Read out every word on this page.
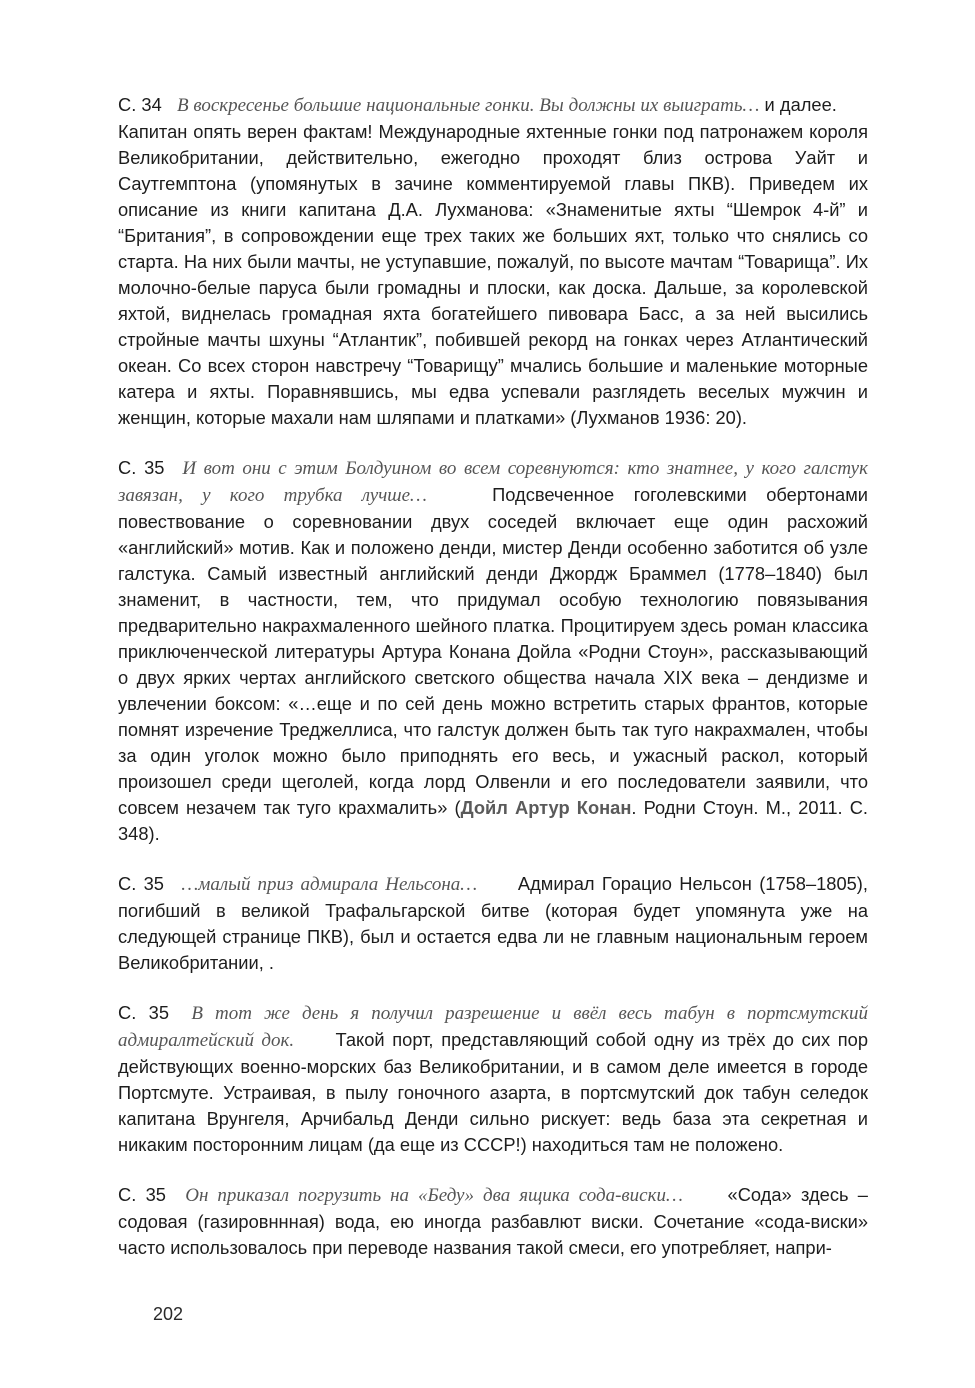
С. 34 В воскресенье большие национальные гонки. Вы должны их выиграть… и далее.  Капитан опять верен фактам! Международные яхтенные гонки под патронажем короля Великобритании, действительно, ежегодно проходят близ острова Уайт и Саутгемптона (упомянутых в зачине комментируемой главы ПКВ). Приведем их описание из книги капитана Д.А. Лухманова: «Знаменитые яхты “Шемрок 4-й” и “Британия”, в сопровождении еще трех таких же больших яхт, только что снялись со старта. На них были мачты, не уступавшие, пожалуй, по высоте мачтам “Товарища”. Их молочно-белые паруса были громадны и плоски, как доска. Дальше, за королевской яхтой, виднелась громадная яхта богатейшего пивовара Басс, а за ней высились стройные мачты шхуны “Атлантик”, побившей рекорд на гонках через Атлантический океан. Со всех сторон навстречу “Товарищу” мчались большие и маленькие моторные катера и яхты. Поравнявшись, мы едва успевали разглядеть веселых мужчин и женщин, которые махали нам шляпами и платками» (Лухманов 1936: 20).

С. 35 И вот они с этим Болдуином во всем соревнуются: кто знатнее, у кого галстук завязан, у кого трубка лучше…	Подсвеченное гоголевскими обертонами повествование о соревновании двух соседей включает еще один расхожий «английский» мотив. Как и положено денди, мистер Денди особенно заботится об узле галстука. Самый известный английский денди Джордж Браммел (1778–1840) был знаменит, в частности, тем, что придумал особую технологию повязывания предварительно накрахмаленного шейного платка. Процитируем здесь роман классика приключенческой литературы Артура Конана Дойла «Родни Стоун», рассказывающий о двух ярких чертах английского светского общества начала XIX века – дендизме и увлечении боксом: «…еще и по сей день можно встретить старых франтов, которые помнят изречение Треджеллиса, что галстук должен быть так туго накрахмален, чтобы за один уголок можно было приподнять его весь, и ужасный раскол, который произошел среди щеголей, когда лорд Олвенли и его последователи заявили, что совсем незачем так туго крахмалить» (Дойл Артур Конан. Родни Стоун. М., 2011. С. 348).

С. 35 …малый приз адмирала Нельсона… Адмирал Горацио Нельсон (1758–1805), погибший в великой Трафальгарской битве (которая будет упомянута уже на следующей странице ПКВ), был и остается едва ли не главным национальным героем Великобритании, .

С. 35 В тот же день я получил разрешение и ввёл весь табун в портсмутский адмиралтейский док. Такой порт, представляющий собой одну из трёх до сих пор действующих военно-морских баз Великобритании, и в самом деле имеется в городе Портсмуте. Устраивая, в пылу гоночного азарта, в портсмутский док табун селедок капитана Врунгеля, Арчибальд Денди сильно рискует: ведь база эта секретная и никаким посторонним лицам (да еще из СССР!) находиться там не положено.

С. 35 Он приказал погрузить на «Беду» два ящика сода-виски… «Сода» здесь – содовая (газировннная) вода, ею иногда разбавлют виски. Сочетание «сода-виски» часто использовалось при переводе названия такой смеси, его употребляет, напри-

202
